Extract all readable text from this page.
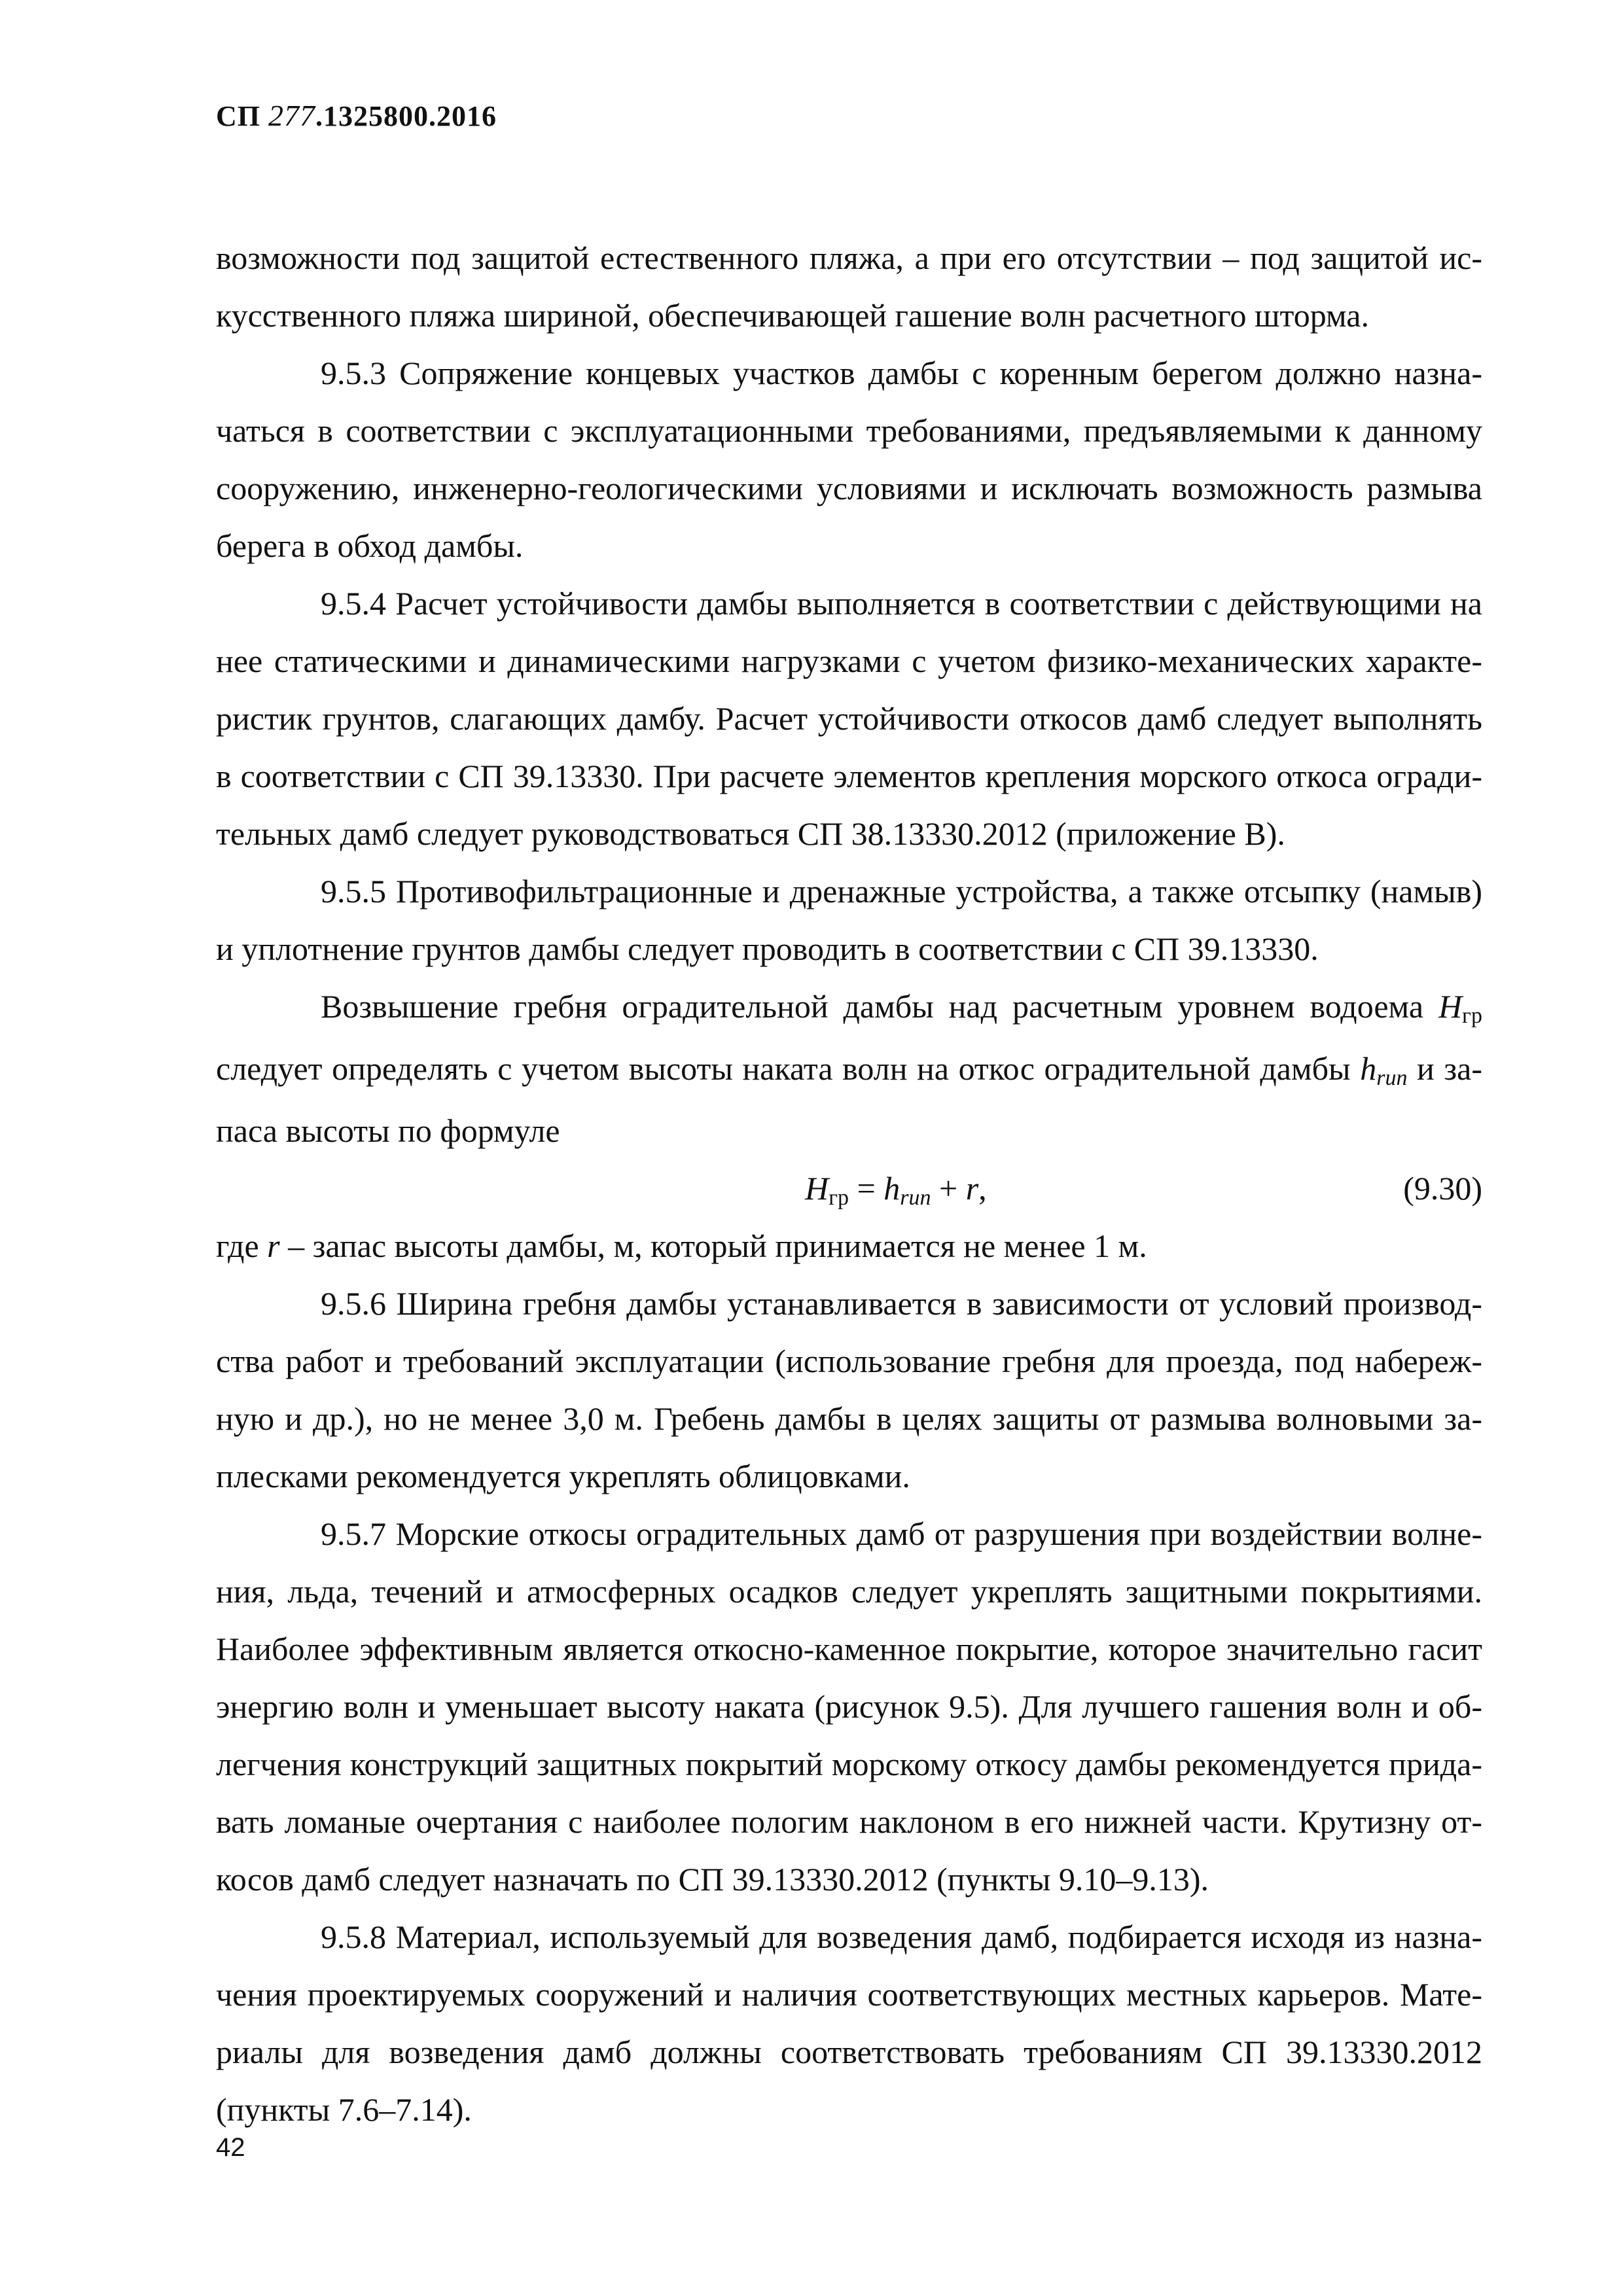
СП 277.1325800.2016

возможности под защитой естественного пляжа, а при его отсутствии – под защитой искусственного пляжа шириной, обеспечивающей гашение волн расчетного шторма.

9.5.3 Сопряжение концевых участков дамбы с коренным берегом должно назначаться в соответствии с эксплуатационными требованиями, предъявляемыми к данному сооружению, инженерно-геологическими условиями и исключать возможность размыва берега в обход дамбы.

9.5.4 Расчет устойчивости дамбы выполняется в соответствии с действующими на нее статическими и динамическими нагрузками с учетом физико-механических характеристик грунтов, слагающих дамбу. Расчет устойчивости откосов дамб следует выполнять в соответствии с СП 39.13330. При расчете элементов крепления морского откоса оградительных дамб следует руководствоваться СП 38.13330.2012 (приложение В).

9.5.5 Противофильтрационные и дренажные устройства, а также отсыпку (намыв) и уплотнение грунтов дамбы следует проводить в соответствии с СП 39.13330.

Возвышение гребня оградительной дамбы над расчетным уровнем водоема Hгр следует определять с учетом высоты наката волн на откос оградительной дамбы hrun и запаса высоты по формуле

Hгр = hrun + r,	(9.30)

где r – запас высоты дамбы, м, который принимается не менее 1 м.

9.5.6 Ширина гребня дамбы устанавливается в зависимости от условий производства работ и требований эксплуатации (использование гребня для проезда, под набережную и др.), но не менее 3,0 м. Гребень дамбы в целях защиты от размыва волновыми заплесками рекомендуется укреплять облицовками.

9.5.7 Морские откосы оградительных дамб от разрушения при воздействии волнения, льда, течений и атмосферных осадков следует укреплять защитными покрытиями. Наиболее эффективным является откосно-каменное покрытие, которое значительно гасит энергию волн и уменьшает высоту наката (рисунок 9.5). Для лучшего гашения волн и облегчения конструкций защитных покрытий морскому откосу дамбы рекомендуется придавать ломаные очертания с наиболее пологим наклоном в его нижней части. Крутизну откосов дамб следует назначать по СП 39.13330.2012 (пункты 9.10–9.13).

9.5.8 Материал, используемый для возведения дамб, подбирается исходя из назначения проектируемых сооружений и наличия соответствующих местных карьеров. Материалы для возведения дамб должны соответствовать требованиям СП 39.13330.2012 (пункты 7.6–7.14).

42
